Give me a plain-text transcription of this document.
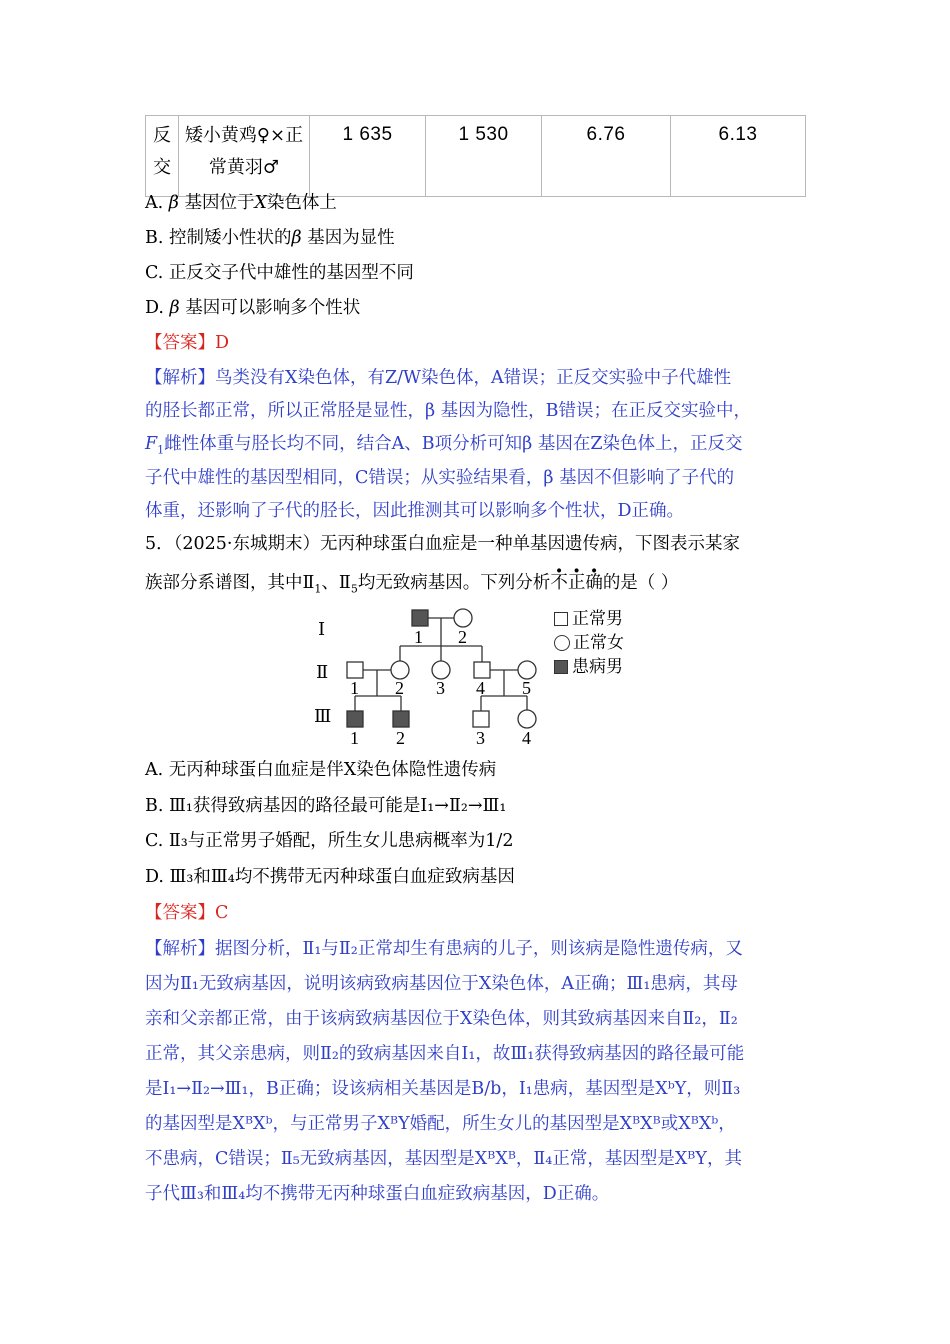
反
交
	矮小黄鸡♀×正常黄羽♂	1 635	1 530	6.76	6.13
A. β 基因位于X染色体上
B. 控制矮小性状的β 基因为显性
C. 正反交子代中雄性的基因型不同
D. β 基因可以影响多个性状
【答案】D
【解析】鸟类没有X染色体，有Z/W染色体，A错误；正反交实验中子代雄性
的胫长都正常，所以正常胫是显性，β 基因为隐性，B错误；在正反交实验中，
$F_1$雌性体重与胫长均不同，结合A、B项分析可知β 基因在Z染色体上，正反交
子代中雄性的基因型相同，C错误；从实验结果看，β 基因不但影响了子代的
体重，还影响了子代的胫长，因此推测其可以影响多个性状，D正确。
5．（2025·东城期末）无丙种球蛋白血症是一种单基因遗传病，下图表示某家
族部分系谱图，其中$Ⅱ_1$、$Ⅱ_5$均无致病基因。下列分析不正确的是（ ）
Ⅰ
Ⅱ
Ⅲ
1 2
1 2 3 4 5
1 2	3 4
正常男
正常女
患病男
A. 无丙种球蛋白血症是伴X染色体隐性遗传病
B. Ⅲ₁获得致病基因的路径最可能是Ⅰ₁→Ⅱ₂→Ⅲ₁
C. Ⅱ₃与正常男子婚配，所生女儿患病概率为1/2
D. Ⅲ₃和Ⅲ₄均不携带无丙种球蛋白血症致病基因
【答案】C
【解析】据图分析，Ⅱ₁与Ⅱ₂正常却生有患病的儿子，则该病是隐性遗传病，又
因为Ⅱ₁无致病基因，说明该病致病基因位于X染色体，A正确；Ⅲ₁患病，其母
亲和父亲都正常，由于该病致病基因位于X染色体，则其致病基因来自Ⅱ₂，Ⅱ₂
正常，其父亲患病，则Ⅱ₂的致病基因来自Ⅰ₁，故Ⅲ₁获得致病基因的路径最可能
是Ⅰ₁→Ⅱ₂→Ⅲ₁，B正确；设该病相关基因是B/b，Ⅰ₁患病，基因型是XᵇY，则Ⅱ₃
的基因型是XᴮXᵇ，与正常男子XᴮY婚配，所生女儿的基因型是XᴮXᴮ或XᴮXᵇ，
不患病，C错误；Ⅱ₅无致病基因，基因型是XᴮXᴮ，Ⅱ₄正常，基因型是XᴮY，其
子代Ⅲ₃和Ⅲ₄均不携带无丙种球蛋白血症致病基因，D正确。
